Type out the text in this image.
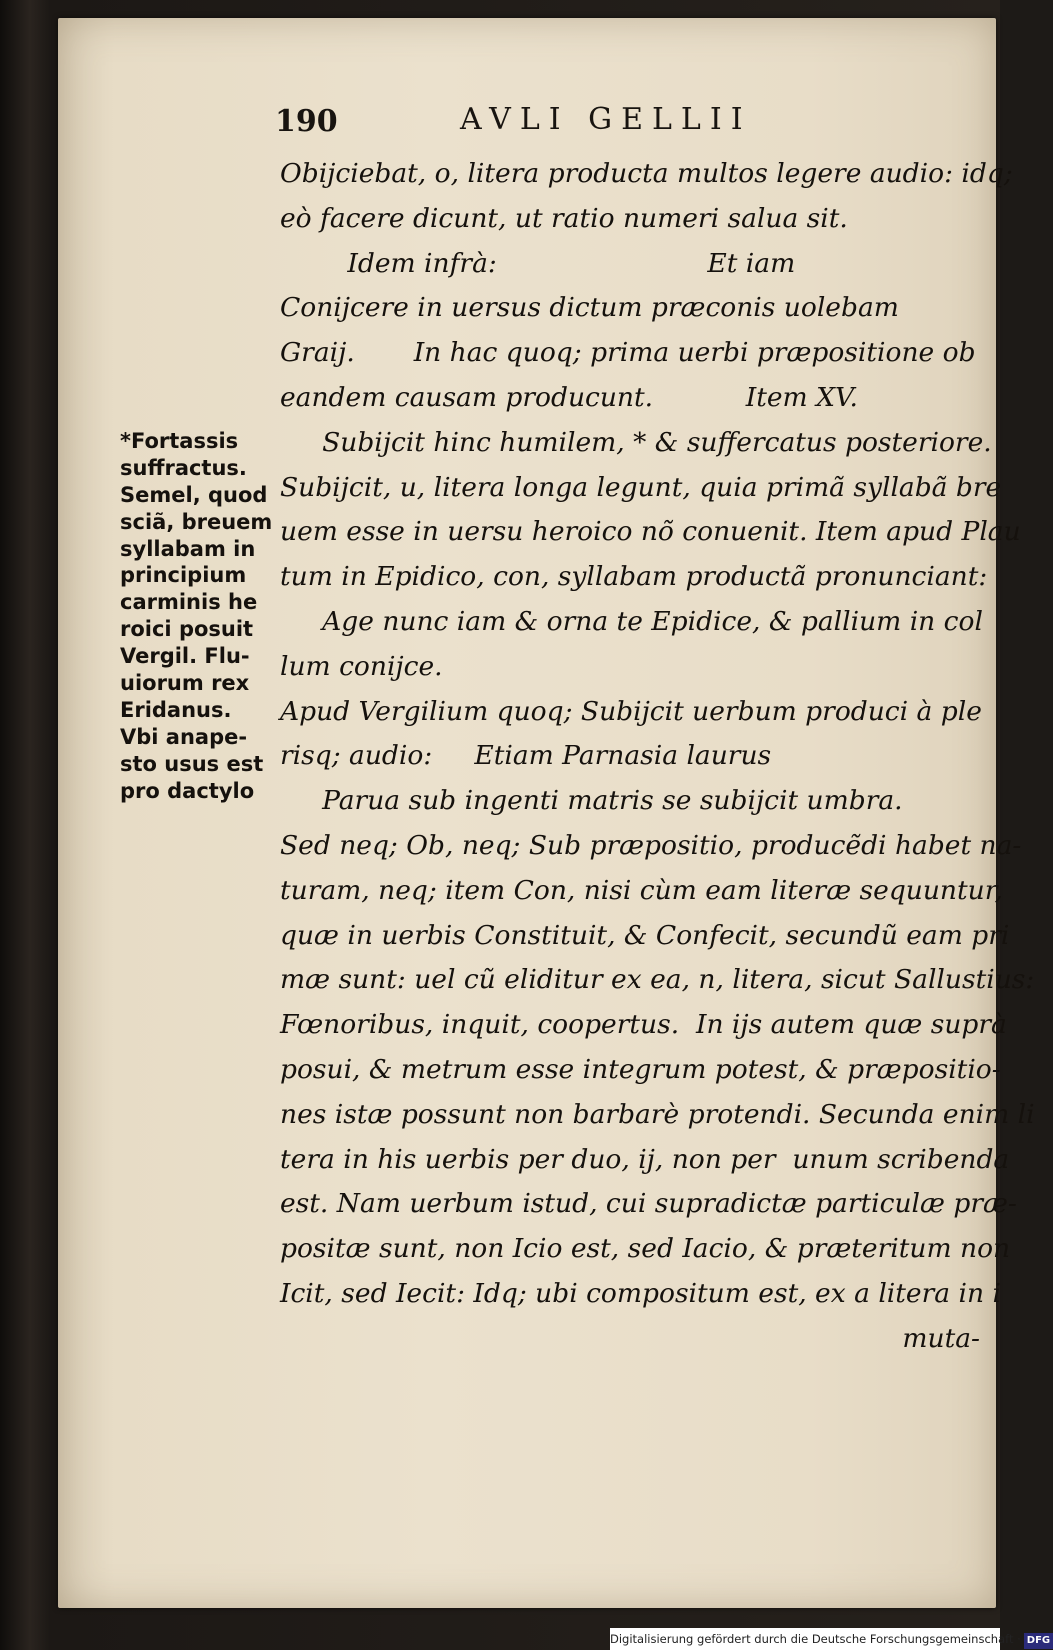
190	AVLI GELLII
Obijciebat, o, litera producta multos legere audio: idq;
eò facere dicunt, ut ratio numeri salua sit.
Idem infrà:                         Et iam
Conijcere in uersus dictum præconis uolebam
Graij.       In hac quoq; prima uerbi præpositione ob
eandem causam producunt.           Item XV.
Subijcit hinc humilem, * & suffercatus posteriore.
Subijcit, u, litera longa legunt, quia primã syllabã bre
uem esse in uersu heroico nõ conuenit. Item apud Plau
tum in Epidico, con, syllabam productã pronunciant:
Age nunc iam & orna te Epidice, & pallium in col
lum conijce.
Apud Vergilium quoq; Subijcit uerbum produci à ple
risq; audio:     Etiam Parnasia laurus
Parua sub ingenti matris se subijcit umbra.
Sed neq; Ob, neq; Sub præpositio, producẽdi habet na-
turam, neq; item Con, nisi cùm eam literæ sequuntur,
quæ in uerbis Constituit, & Confecit, secundũ eam pri
mæ sunt: uel cũ eliditur ex ea, n, litera, sicut Sallustius:
Fœnoribus, inquit, coopertus.  In ijs autem quæ suprà
posui, & metrum esse integrum potest, & præpositio-
nes istæ possunt non barbarè protendi. Secunda enim li
tera in his uerbis per duo, ij, non per  unum scribenda
est. Nam uerbum istud, cui supradictæ particulæ præ-
positæ sunt, non Icio est, sed Iacio, & præteritum non
Icit, sed Iecit: Idq; ubi compositum est, ex a litera in i
muta-
*Fortassis
suffractus.
Semel, quod
sciã, breuem
syllabam in
principium
carminis he
roici posuit
Vergil. Flu-
uiorum rex
Eridanus.
Vbi anape-
sto usus est
pro dactylo
Digitalisierung gefördert durch die Deutsche Forschungsgemeinschaft · DFG
